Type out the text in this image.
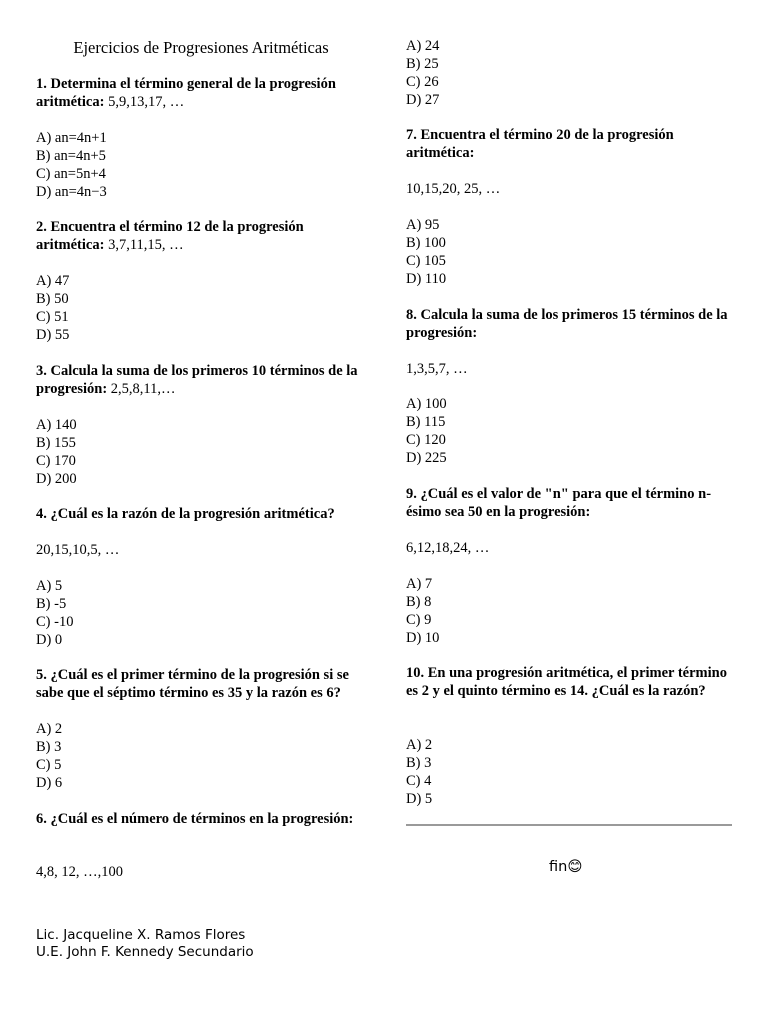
Ejercicios de Progresiones Aritméticas
1. Determina el término general de la progresión aritmética: 5,9,13,17, …
A) an=4n+1
B) an=4n+5
C) an=5n+4
D) an=4n−3
2. Encuentra el término 12 de la progresión aritmética: 3,7,11,15, …
A) 47
B) 50
C) 51
D) 55
3. Calcula la suma de los primeros 10 términos de la progresión: 2,5,8,11,…
A) 140
B) 155
C) 170
D) 200
4. ¿Cuál es la razón de la progresión aritmética?
20,15,10,5, …
A) 5
B) -5
C) -10
D) 0
5. ¿Cuál es el primer término de la progresión si se sabe que el séptimo término es 35 y la razón es 6?
A) 2
B) 3
C) 5
D) 6
6. ¿Cuál es el número de términos en la progresión:
4,8, 12, …,100
A) 24
B) 25
C) 26
D) 27
7. Encuentra el término 20 de la progresión aritmética:
10,15,20, 25, …
A) 95
B) 100
C) 105
D) 110
8. Calcula la suma de los primeros 15 términos de la progresión:
1,3,5,7, …
A) 100
B) 115
C) 120
D) 225
9. ¿Cuál es el valor de "n" para que el término n-ésimo sea 50 en la progresión:
6,12,18,24, …
A) 7
B) 8
C) 9
D) 10
10. En una progresión aritmética, el primer término es 2 y el quinto término es 14. ¿Cuál es la razón?
A) 2
B) 3
C) 4
D) 5
fin😊
Lic. Jacqueline X. Ramos Flores
U.E. John F. Kennedy Secundario
